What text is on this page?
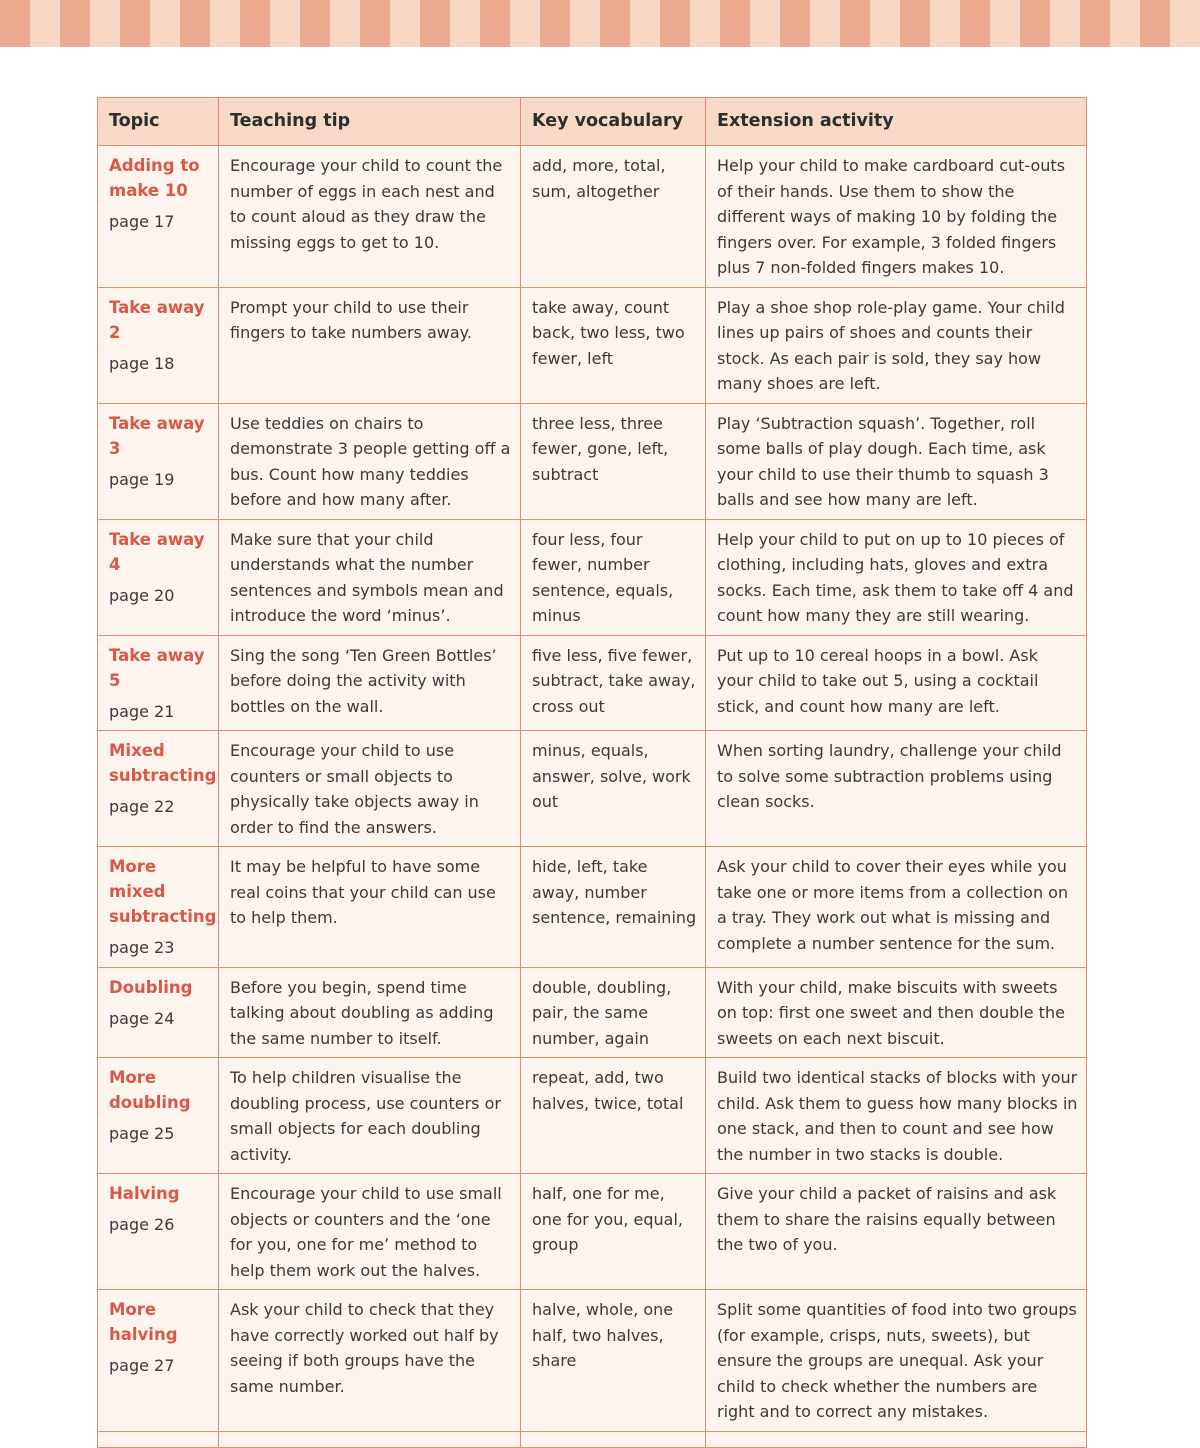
Topic	Teaching tip	Key vocabulary	Extension activity

Adding to make 10
page 17	Encourage your child to count the number of eggs in each nest and to count aloud as they draw the missing eggs to get to 10.	add, more, total, sum, altogether	Help your child to make cardboard cut-outs of their hands. Use them to show the different ways of making 10 by folding the fingers over. For example, 3 folded fingers plus 7 non-folded fingers makes 10.

Take away 2
page 18	Prompt your child to use their fingers to take numbers away.	take away, count back, two less, two fewer, left	Play a shoe shop role-play game. Your child lines up pairs of shoes and counts their stock. As each pair is sold, they say how many shoes are left.

Take away 3
page 19	Use teddies on chairs to demonstrate 3 people getting off a bus. Count how many teddies before and how many after.	three less, three fewer, gone, left, subtract	Play ‘Subtraction squash’. Together, roll some balls of play dough. Each time, ask your child to use their thumb to squash 3 balls and see how many are left.

Take away 4
page 20	Make sure that your child understands what the number sentences and symbols mean and introduce the word ‘minus’.	four less, four fewer, number sentence, equals, minus	Help your child to put on up to 10 pieces of clothing, including hats, gloves and extra socks. Each time, ask them to take off 4 and count how many they are still wearing.

Take away 5
page 21	Sing the song ‘Ten Green Bottles’ before doing the activity with bottles on the wall.	five less, five fewer, subtract, take away, cross out	Put up to 10 cereal hoops in a bowl. Ask your child to take out 5, using a cocktail stick, and count how many are left.

Mixed subtracting
page 22	Encourage your child to use counters or small objects to physically take objects away in order to find the answers.	minus, equals, answer, solve, work out	When sorting laundry, challenge your child to solve some subtraction problems using clean socks.

More mixed subtracting
page 23	It may be helpful to have some real coins that your child can use to help them.	hide, left, take away, number sentence, remaining	Ask your child to cover their eyes while you take one or more items from a collection on a tray. They work out what is missing and complete a number sentence for the sum.

Doubling
page 24	Before you begin, spend time talking about doubling as adding the same number to itself.	double, doubling, pair, the same number, again	With your child, make biscuits with sweets on top: first one sweet and then double the sweets on each next biscuit.

More doubling
page 25	To help children visualise the doubling process, use counters or small objects for each doubling activity.	repeat, add, two halves, twice, total	Build two identical stacks of blocks with your child. Ask them to guess how many blocks in one stack, and then to count and see how the number in two stacks is double.

Halving
page 26	Encourage your child to use small objects or counters and the ‘one for you, one for me’ method to help them work out the halves.	half, one for me, one for you, equal, group	Give your child a packet of raisins and ask them to share the raisins equally between the two of you.

More halving
page 27	Ask your child to check that they have correctly worked out half by seeing if both groups have the same number.	halve, whole, one half, two halves, share	Split some quantities of food into two groups (for example, crisps, nuts, sweets), but ensure the groups are unequal. Ask your child to check whether the numbers are right and to correct any mistakes.
